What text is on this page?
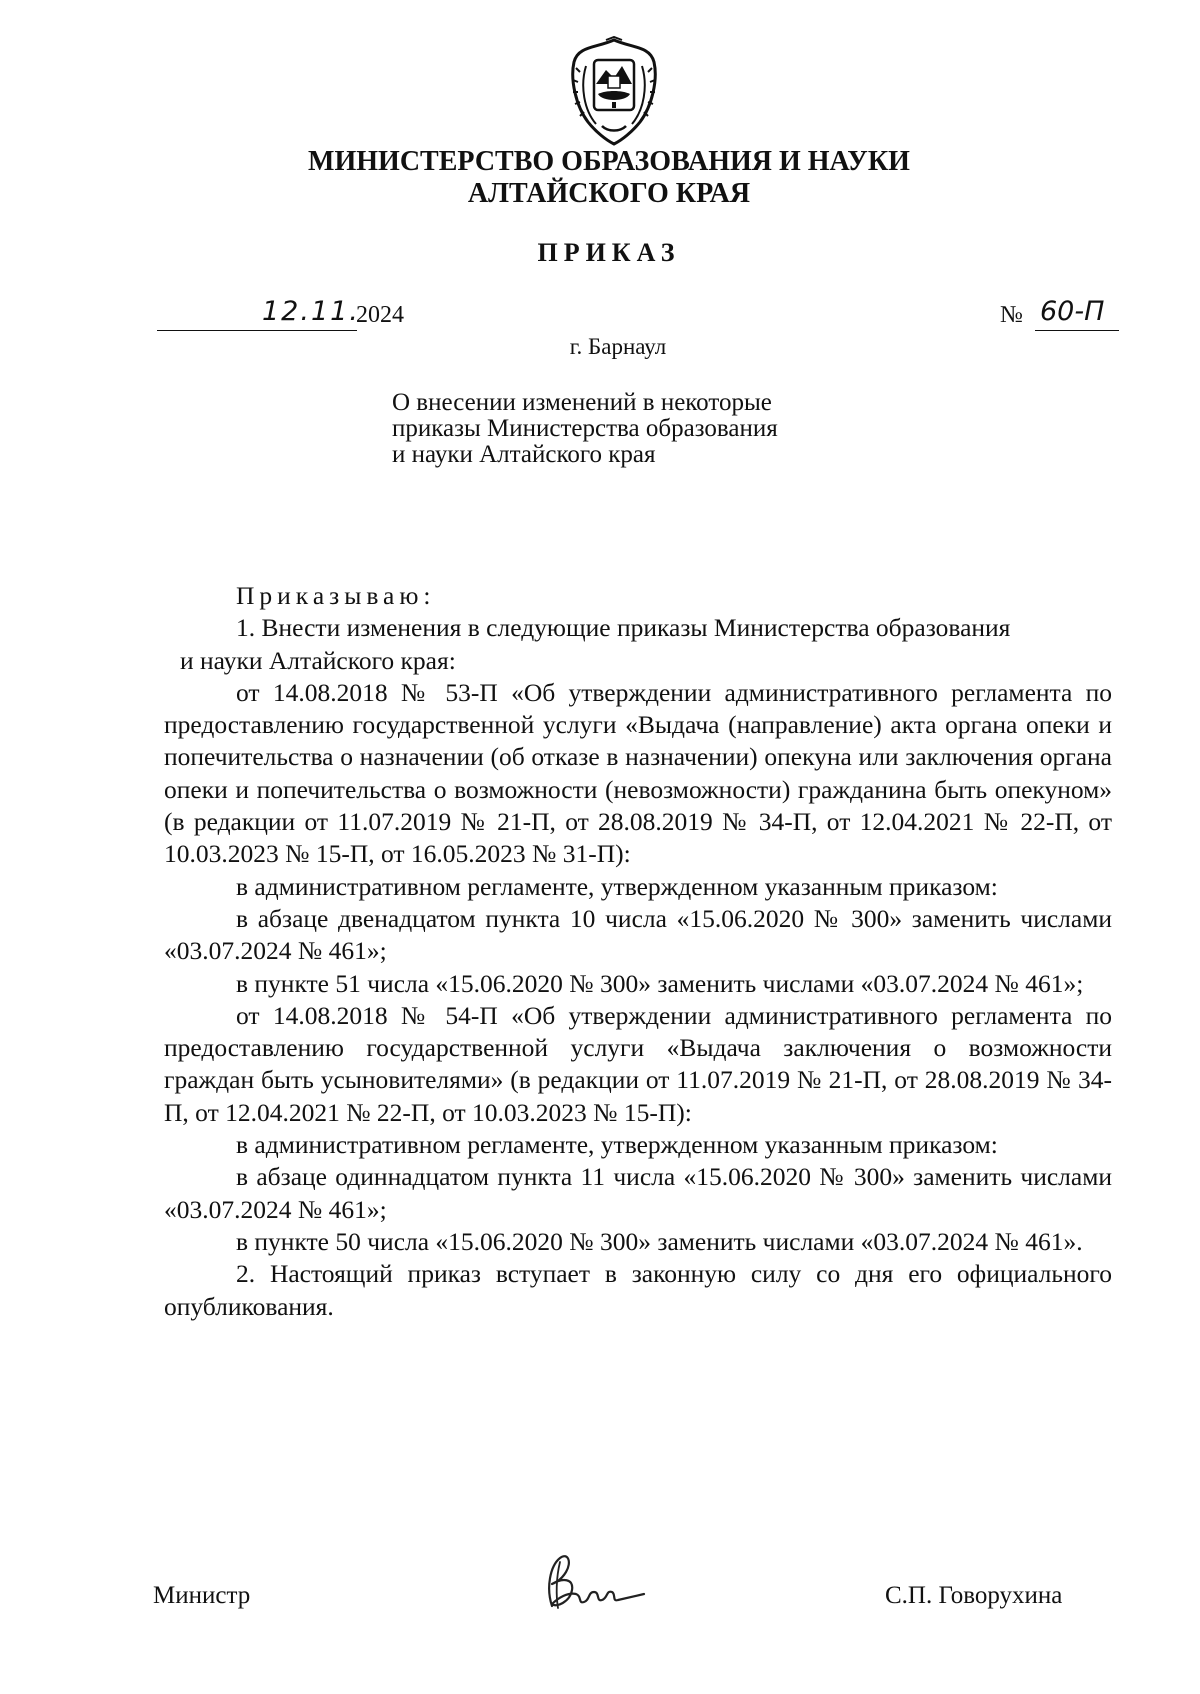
МИНИСТЕРСТВО ОБРАЗОВАНИЯ И НАУКИ
АЛТАЙСКОГО КРАЯ
ПРИКАЗ
12.11.
2024	№ 60-П
г. Барнаул
О внесении изменений в некоторые
приказы Министерства образования
и науки Алтайского края

Приказываю:

1. Внести изменения в следующие приказы Министерства образования

и науки Алтайского края:

от 14.08.2018 № 53-П «Об утверждении административного регламента по предоставлению государственной услуги «Выдача (направление) акта органа опеки и попечительства о назначении (об отказе в назначении) опекуна или заключения органа опеки и попечительства о возможности (невозможности) гражданина быть опекуном» (в редакции от 11.07.2019 № 21-П, от 28.08.2019 № 34-П, от 12.04.2021 № 22-П, от 10.03.2023 № 15-П, от 16.05.2023 № 31-П):

в административном регламенте, утвержденном указанным приказом:

в абзаце двенадцатом пункта 10 числа «15.06.2020 № 300» заменить числами «03.07.2024 № 461»;

в пункте 51 числа «15.06.2020 № 300» заменить числами «03.07.2024 № 461»;

от 14.08.2018 № 54-П «Об утверждении административного регламента по предоставлению государственной услуги «Выдача заключения о возможности граждан быть усыновителями» (в редакции от 11.07.2019 № 21-П, от 28.08.2019 № 34-П, от 12.04.2021 № 22-П, от 10.03.2023 № 15-П):

в административном регламенте, утвержденном указанным приказом:

в абзаце одиннадцатом пункта 11 числа «15.06.2020 № 300» заменить числами «03.07.2024 № 461»;

в пункте 50 числа «15.06.2020 № 300» заменить числами «03.07.2024 № 461».

2. Настоящий приказ вступает в законную силу со дня его официального опубликования.

Министр	С.П. Говорухина
